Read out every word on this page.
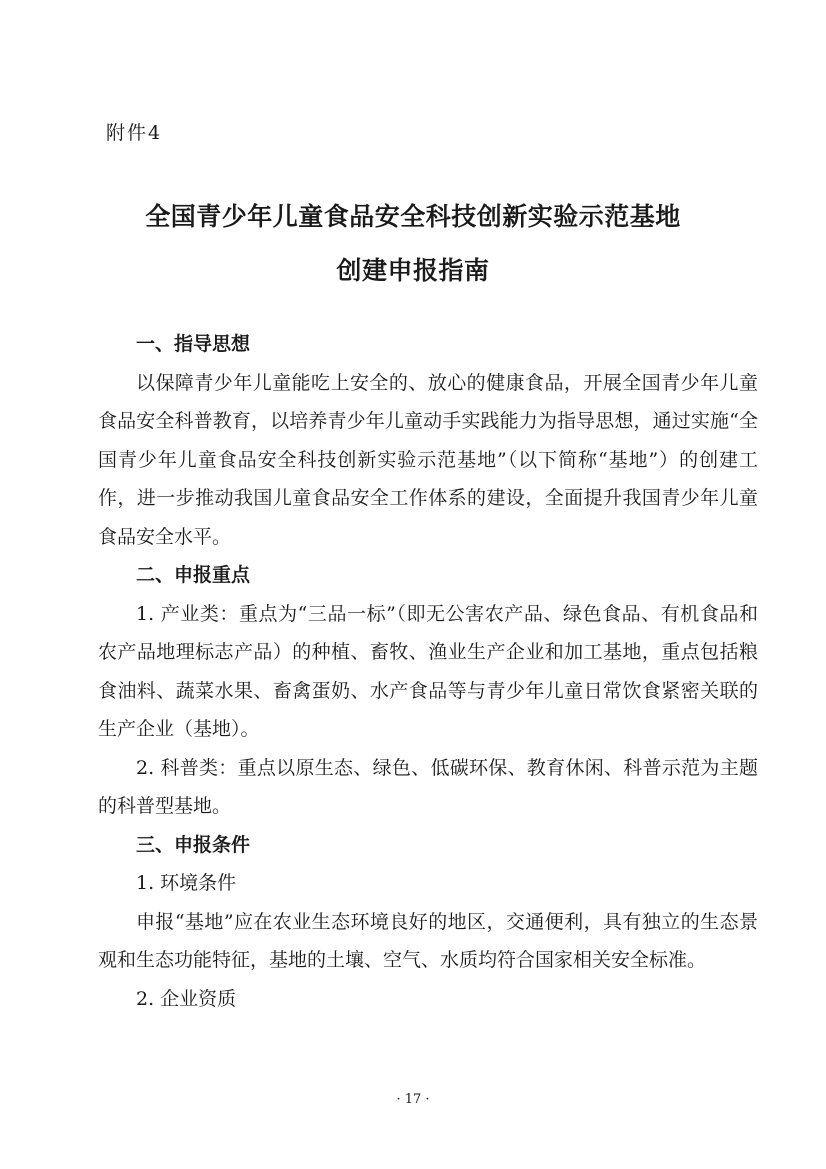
附件4
全国青少年儿童食品安全科技创新实验示范基地
创建申报指南

一、指导思想

以保障青少年儿童能吃上安全的、放心的健康食品，开展全国青少年儿童食品安全科普教育，以培养青少年儿童动手实践能力为指导思想，通过实施“全国青少年儿童食品安全科技创新实验示范基地”（以下简称“基地”）的创建工作，进一步推动我国儿童食品安全工作体系的建设，全面提升我国青少年儿童食品安全水平。

二、申报重点

1. 产业类：重点为“三品一标”（即无公害农产品、绿色食品、有机食品和农产品地理标志产品）的种植、畜牧、渔业生产企业和加工基地，重点包括粮食油料、蔬菜水果、畜禽蛋奶、水产食品等与青少年儿童日常饮食紧密关联的生产企业（基地）。

2. 科普类：重点以原生态、绿色、低碳环保、教育休闲、科普示范为主题的科普型基地。

三、申报条件

1. 环境条件

申报“基地”应在农业生态环境良好的地区，交通便利，具有独立的生态景观和生态功能特征，基地的土壤、空气、水质均符合国家相关安全标准。

2. 企业资质

· 17 ·
